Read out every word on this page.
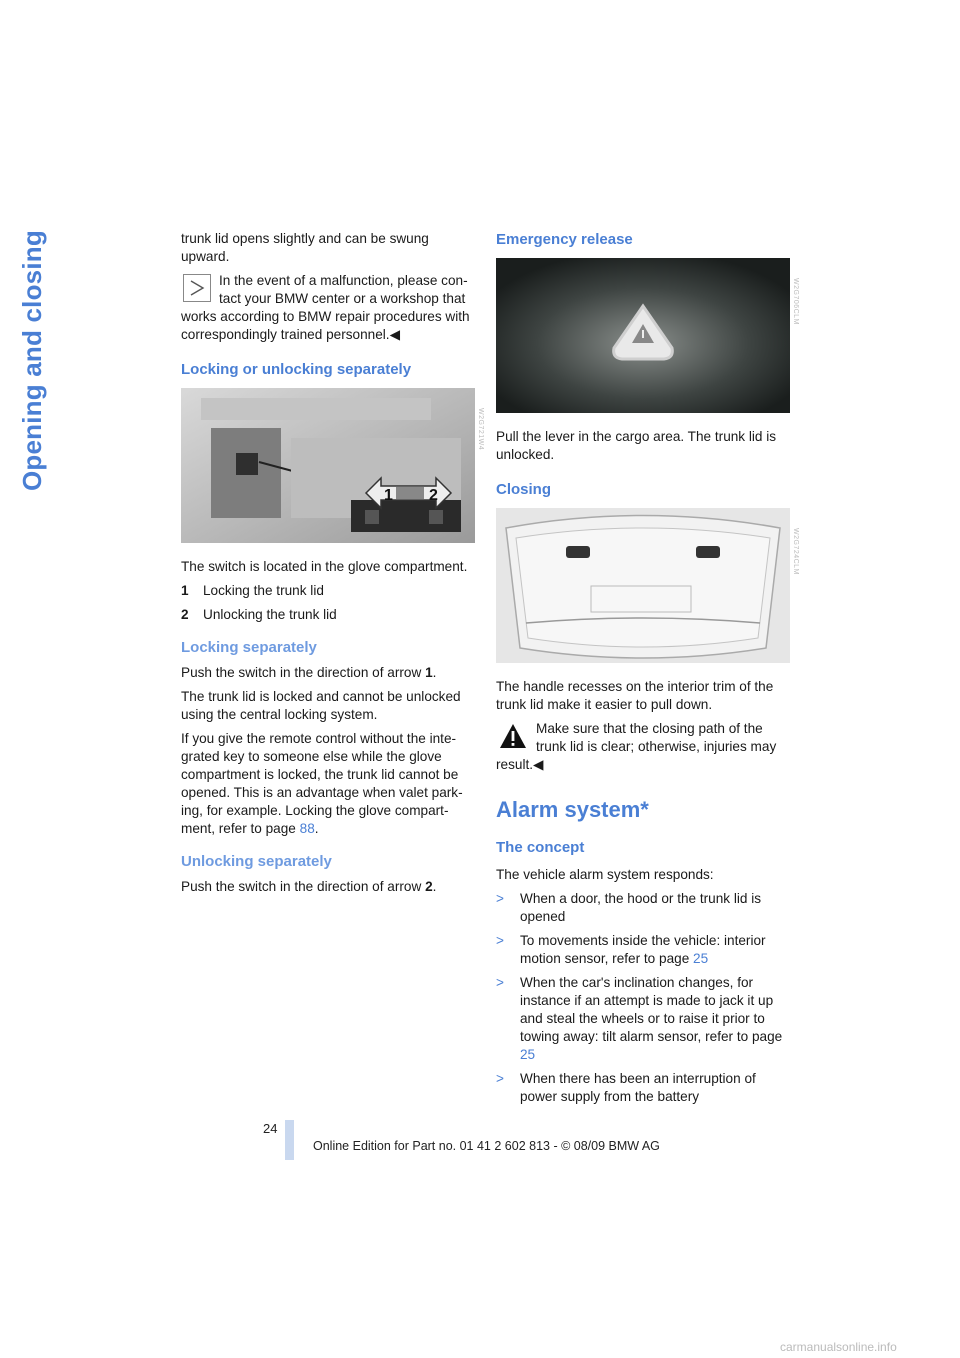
Opening and closing	trunk lid opens slightly and can be swung upward.

In the event of a malfunction, please con-tact your BMW center or a workshop that works according to BMW repair procedures with correspondingly trained personnel.◀
Locking or unlocking separately
1 2
W2G721W4

The switch is located in the glove compartment.

1	Locking the trunk lid
2	Unlocking the trunk lid
Locking separately

Push the switch in the direction of arrow 1.

The trunk lid is locked and cannot be unlocked using the central locking system.

If you give the remote control without the inte-grated key to someone else while the glove compartment is locked, the trunk lid cannot be opened. This is an advantage when valet park-ing, for example. Locking the glove compart-ment, refer to page 88.

Unlocking separately

Push the switch in the direction of arrow 2.

Emergency release
W2G706CLM

Pull the lever in the cargo area. The trunk lid is unlocked.

Closing
W2G724CLM

The handle recesses on the interior trim of the trunk lid make it easier to pull down.

Make sure that the closing path of the trunk lid is clear; otherwise, injuries may result.◀
Alarm system*
The concept

The vehicle alarm system responds:

>	When a door, the hood or the trunk lid is opened
>	To movements inside the vehicle: interior motion sensor, refer to page 25
>	When the car's inclination changes, for instance if an attempt is made to jack it up and steal the wheels or to raise it prior to towing away: tilt alarm sensor, refer to page 25
>	When there has been an interruption of power supply from the battery
24
Online Edition for Part no. 01 41 2 602 813 - © 08/09 BMW AG
carmanualsonline.info
